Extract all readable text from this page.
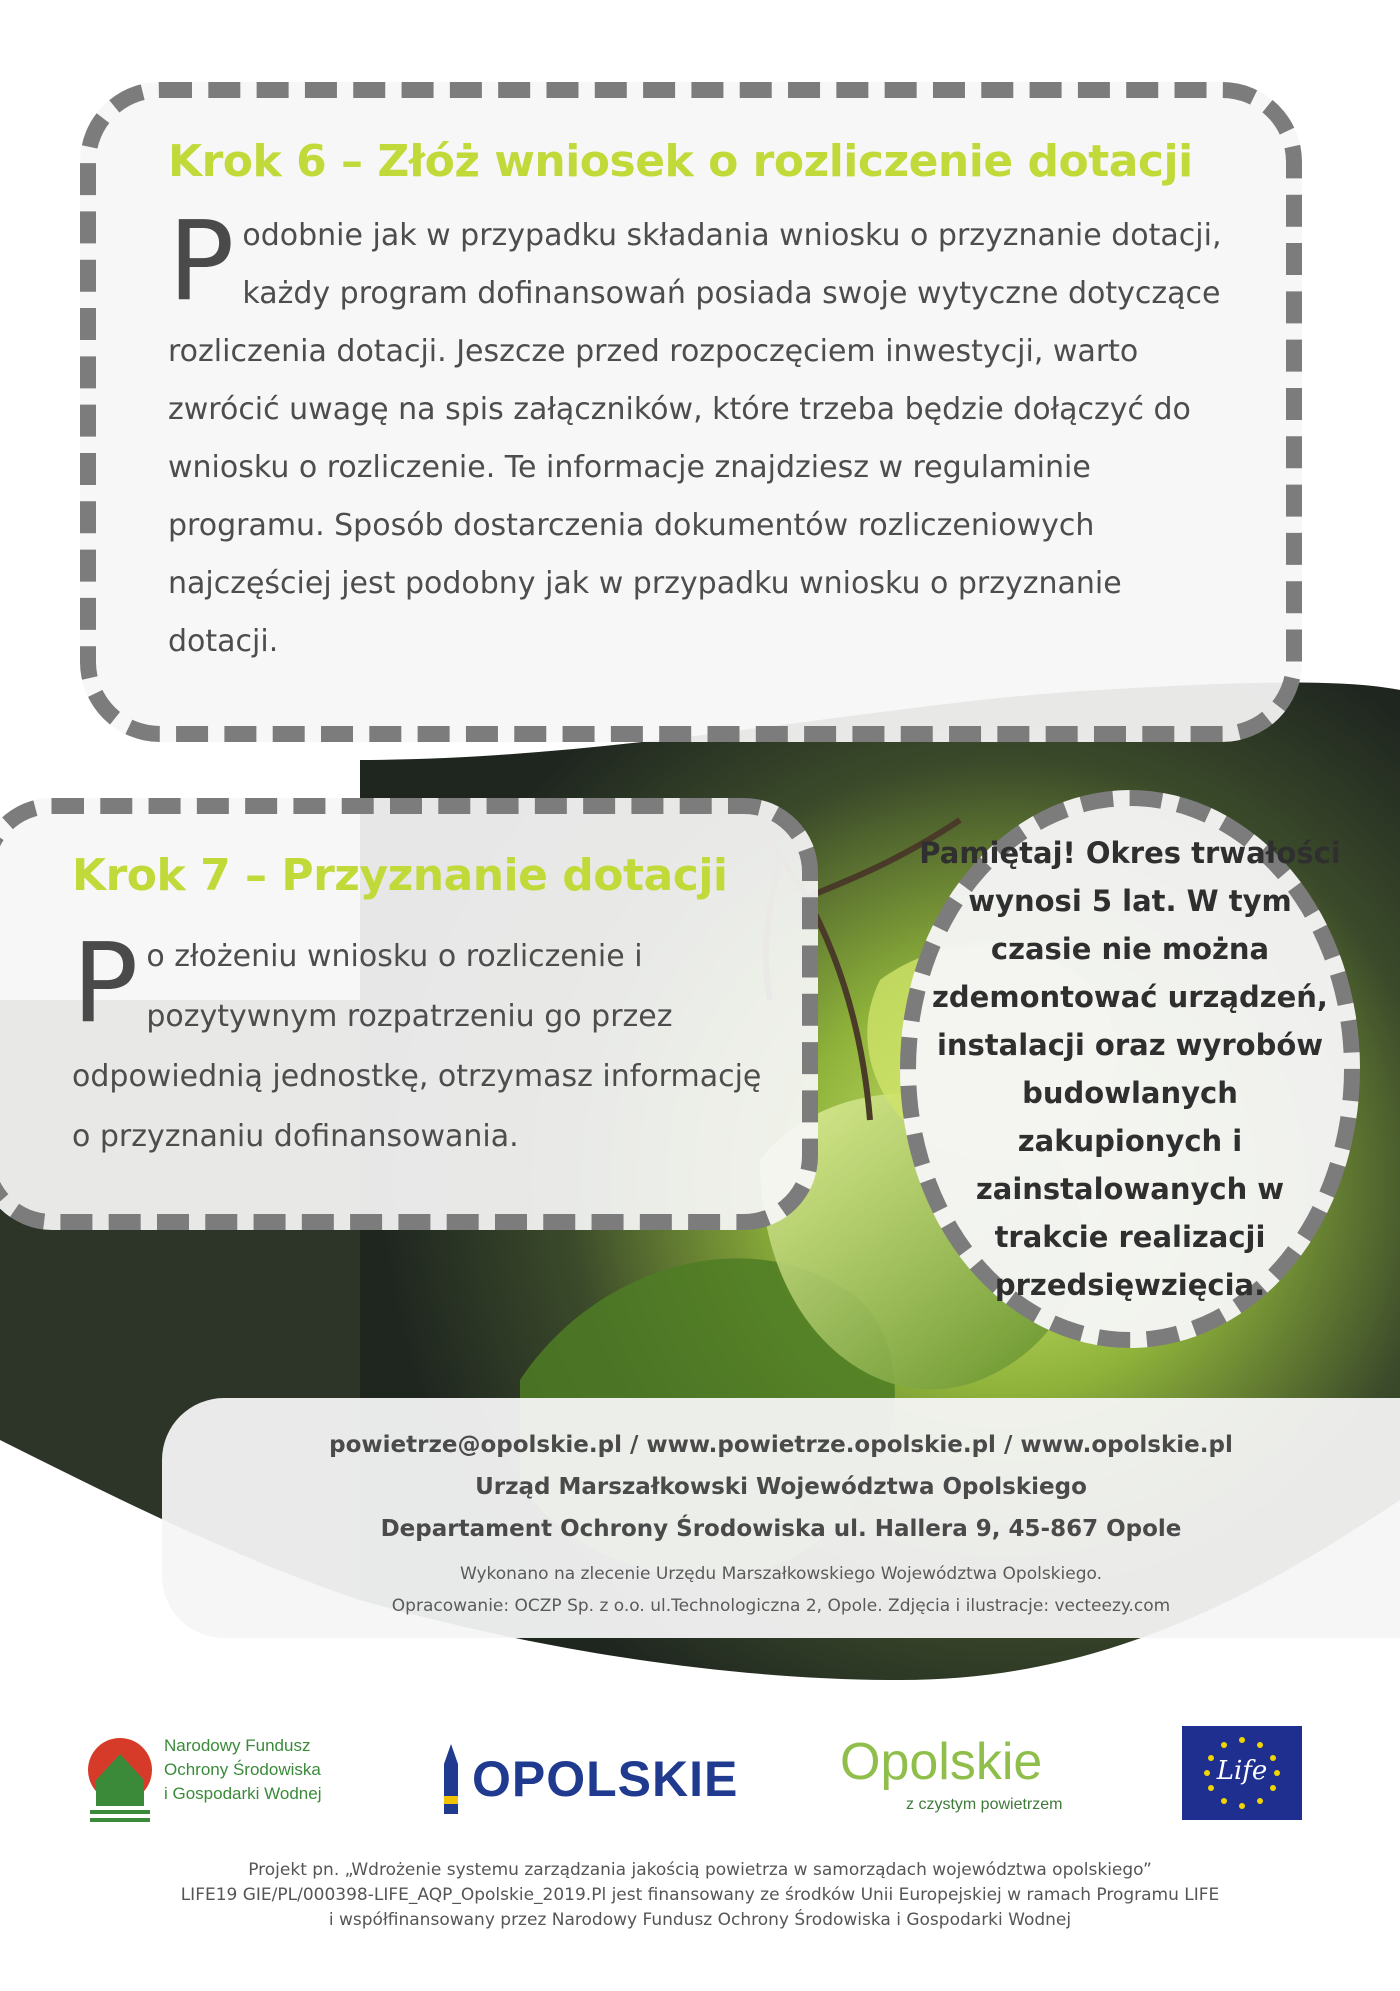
Krok 6 – Złóż wniosek o rozliczenie dotacji

Podobnie jak w przypadku składania wniosku o przyznanie dotacji, każdy program dofinansowań posiada swoje wytyczne dotyczące rozliczenia dotacji. Jeszcze przed rozpoczęciem inwestycji, warto zwrócić uwagę na spis załączników, które trzeba będzie dołączyć do wniosku o rozliczenie. Te informacje znajdziesz w regulaminie programu. Sposób dostarczenia dokumentów rozliczeniowych najczęściej jest podobny jak w przypadku wniosku o przyznanie dotacji.

Krok 7 – Przyznanie dotacji

Po złożeniu wniosku o rozliczenie i pozytywnym rozpatrzeniu go przez odpowiednią jednostkę, otrzymasz informację o przyznaniu dofinansowania.

Pamiętaj! Okres trwałości wynosi 5 lat. W tym czasie nie można zdemontować urządzeń, instalacji oraz wyrobów budowlanych zakupionych i zainstalowanych w trakcie realizacji przedsięwzięcia.

powietrze@opolskie.pl / www.powietrze.opolskie.pl / www.opolskie.pl

Urząd Marszałkowski Województwa Opolskiego

Departament Ochrony Środowiska ul. Hallera 9, 45-867 Opole

Wykonano na zlecenie Urzędu Marszałkowskiego Województwa Opolskiego.

Opracowanie: OCZP Sp. z o.o. ul.Technologiczna 2, Opole. Zdjęcia i ilustracje: vecteezy.com

Narodowy Fundusz
Ochrony Środowiska
i Gospodarki Wodnej	OPOLSKIE Opolskie
z czystym powietrzem
Life

Projekt pn. „Wdrożenie systemu zarządzania jakością powietrza w samorządach województwa opolskiego”

LIFE19 GIE/PL/000398-LIFE_AQP_Opolskie_2019.Pl jest finansowany ze środków Unii Europejskiej w ramach Programu LIFE

i współfinansowany przez Narodowy Fundusz Ochrony Środowiska i Gospodarki Wodnej
